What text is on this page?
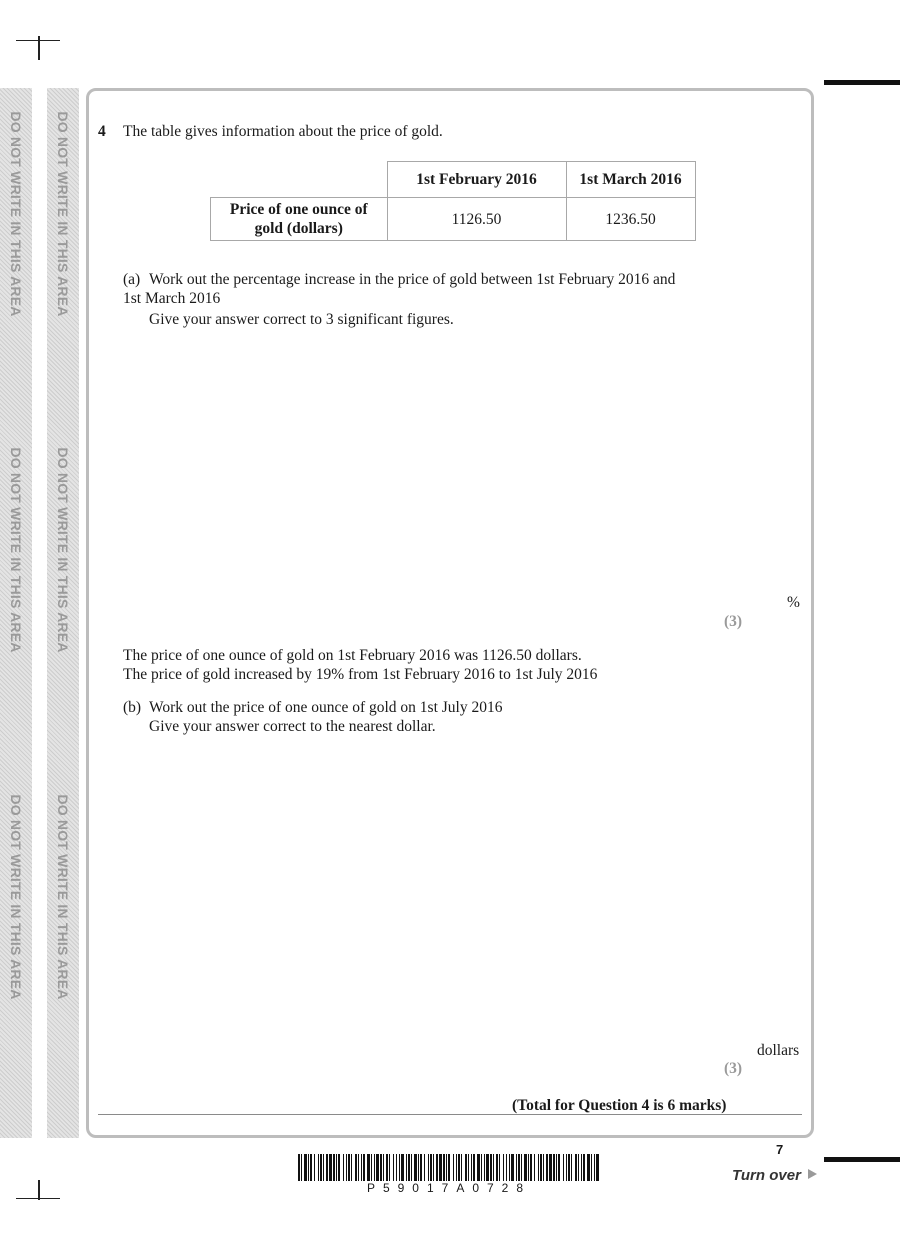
DO NOT WRITE IN THIS AREA
DO NOT WRITE IN THIS AREA
DO NOT WRITE IN THIS AREA
DO NOT WRITE IN THIS AREA
DO NOT WRITE IN THIS AREA
DO NOT WRITE IN THIS AREA
4 The table gives information about the price of gold.
	1st February 2016	1st March 2016

Price of one ounce of
gold (dollars)	1126.50	1236.50
(a) Work out the percentage increase in the price of gold between 1st February 2016 and
1st March 2016
Give your answer correct to 3 significant figures.
%
(3)
The price of one ounce of gold on 1st February 2016 was 1126.50 dollars.
The price of gold increased by 19% from 1st February 2016 to 1st July 2016
(b) Work out the price of one ounce of gold on 1st July 2016
Give your answer correct to the nearest dollar.
dollars
(3)
(Total for Question 4 is 6 marks)
P59017A0728
7
Turn over
